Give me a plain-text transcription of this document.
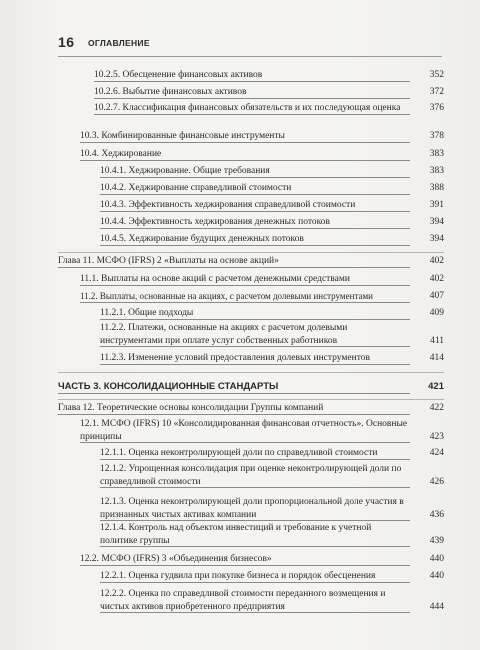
16 ОГЛАВЛЕНИЕ
10.2.5. Обесценение финансовых активов	352
10.2.6. Выбытие финансовых активов	372
10.2.7. Классификация финансовых обязательств и их последующая оценка	376
10.3. Комбинированные финансовые инструменты	378
10.4. Хеджирование	383
10.4.1. Хеджирование. Общие требования	383
10.4.2. Хеджирование справедливой стоимости	388
10.4.3. Эффективность хеджирования справедливой стоимости	391
10.4.4. Эффективность хеджирования денежных потоков	394
10.4.5. Хеджирование будущих денежных потоков	394
Глава 11. МСФО (IFRS) 2 «Выплаты на основе акций»	402
11.1. Выплаты на основе акций с расчетом денежными средствами	402
11.2. Выплаты, основанные на акциях, с расчетом долевыми инструментами	407
11.2.1. Общие подходы	409
11.2.2. Платежи, основанные на акциях с расчетом долевыми инструментами при оплате услуг собственных работников	411
11.2.3. Изменение условий предоставления долевых инструментов	414
ЧАСТЬ 3. КОНСОЛИДАЦИОННЫЕ СТАНДАРТЫ	421
Глава 12. Теоретические основы консолидации Группы компаний	422
12.1. МСФО (IFRS) 10 «Консолидированная финансовая отчетность». Основные принципы	423
12.1.1. Оценка неконтролирующей доли по справедливой стоимости	424
12.1.2. Упрощенная консолидация при оценке неконтролирующей доли по справедливой стоимости	426
12.1.3. Оценка неконтролирующей доли пропорциональной доле участия в признанных чистых активах компании	436
12.1.4. Контроль над объектом инвестиций и требование к учетной политике группы	439
12.2. МСФО (IFRS) 3 «Объединения бизнесов»	440
12.2.1. Оценка гудвила при покупке бизнеса и порядок обесценения	440
12.2.2. Оценка по справедливой стоимости переданного возмещения и чистых активов приобретенного предприятия	444
